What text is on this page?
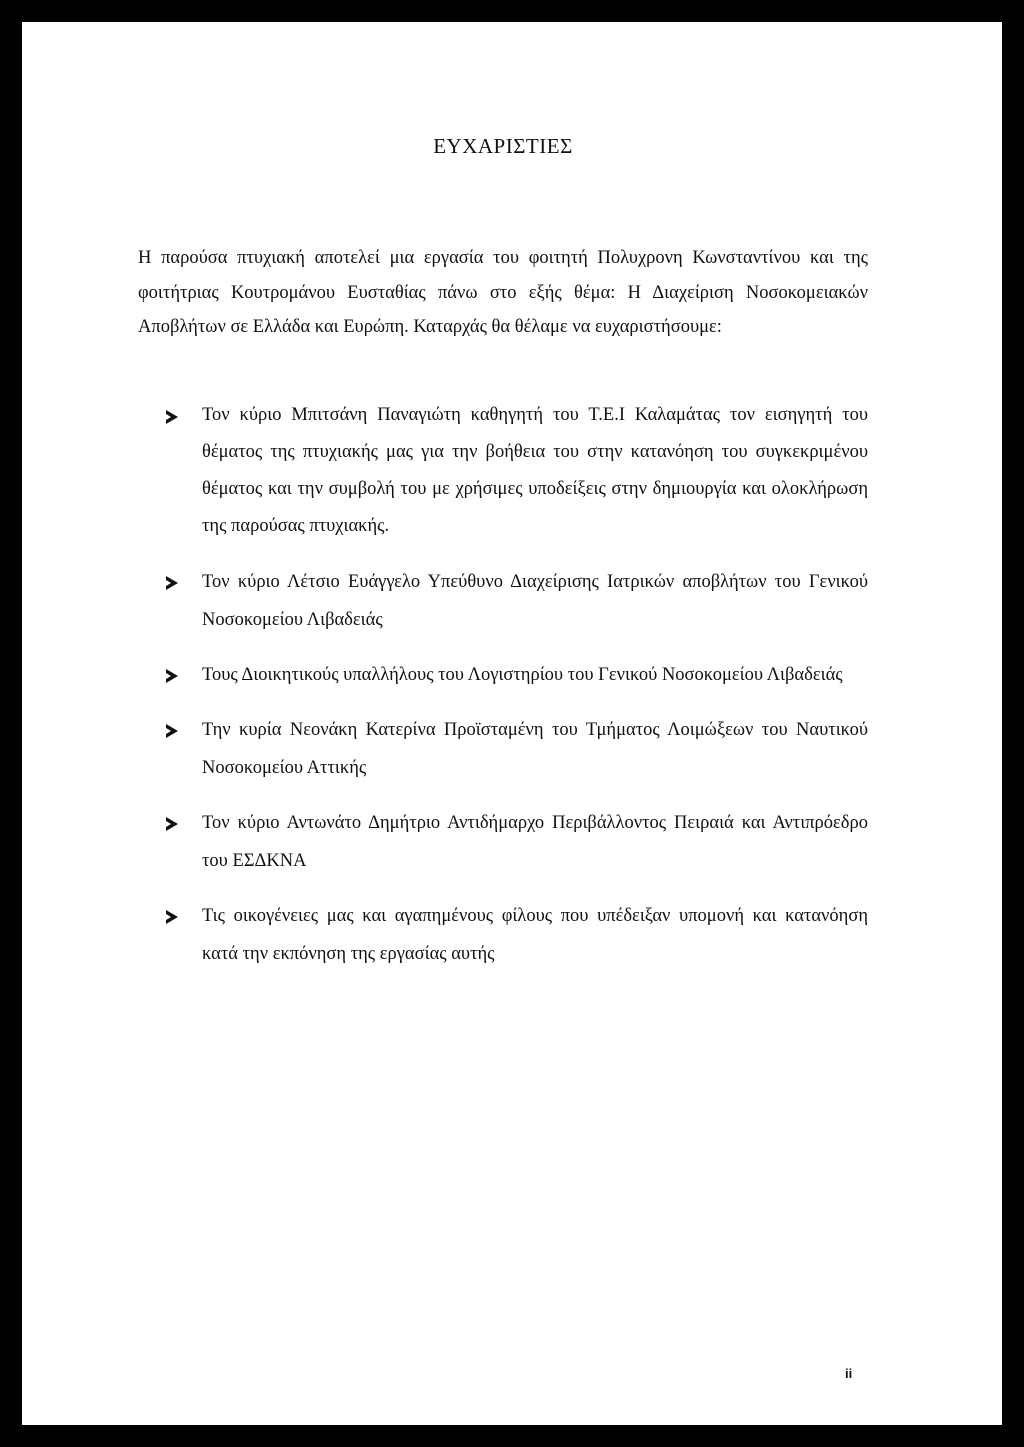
ΕΥΧΑΡΙΣΤΙΕΣ

Η παρούσα πτυχιακή αποτελεί μια εργασία του φοιτητή Πολυχρονη Κωνσταντίνου και της φοιτήτριας Κουτρομάνου Ευσταθίας πάνω στο εξής θέμα: Η Διαχείριση Νοσοκομειακών Αποβλήτων σε Ελλάδα και Ευρώπη. Καταρχάς θα θέλαμε να ευχαριστήσουμε:

Τον κύριο Μπιτσάνη Παναγιώτη καθηγητή του Τ.Ε.Ι Καλαμάτας τον εισηγητή του θέματος της πτυχιακής μας για την βοήθεια του στην κατανόηση του συγκεκριμένου θέματος και την συμβολή του με χρήσιμες υποδείξεις στην δημιουργία και ολοκλήρωση της παρούσας πτυχιακής.
Τον κύριο Λέτσιο Ευάγγελο Υπεύθυνο Διαχείρισης Ιατρικών αποβλήτων του Γενικού Νοσοκομείου Λιβαδειάς
Τους Διοικητικούς υπαλλήλους του Λογιστηρίου του Γενικού Νοσοκομείου Λιβαδειάς
Την κυρία Νεονάκη Κατερίνα Προϊσταμένη του Τμήματος Λοιμώξεων του Ναυτικού Νοσοκομείου Αττικής
Τον κύριο Αντωνάτο Δημήτριο Αντιδήμαρχο Περιβάλλοντος Πειραιά και Αντιπρόεδρο του ΕΣΔΚΝΑ
Τις οικογένειες μας και αγαπημένους φίλους που υπέδειξαν υπομονή και κατανόηση κατά την εκπόνηση της εργασίας αυτής
ii
